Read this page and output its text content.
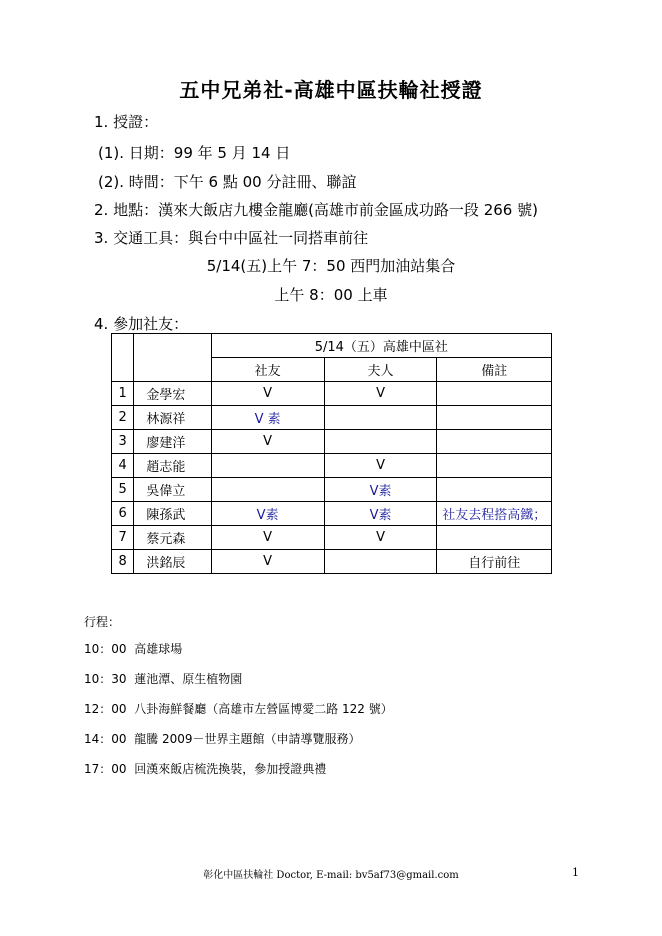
五中兄弟社-高雄中區扶輪社授證
1. 授證：
(1). 日期：99 年 5 月 14 日
(2). 時間：下午 6 點 00 分註冊、聯誼
2. 地點：漢來大飯店九樓金龍廳(高雄市前金區成功路一段 266 號)
3. 交通工具：與台中中區社一同搭車前往
5/14(五)上午 7：50 西門加油站集合
上午 8：00 上車
4. 參加社友：
		5/14（五）高雄中區社		
		社友	夫人	備註
1	金學宏	V	V	
2	林源祥	V 素		
3	廖建洋	V		
4	趙志能		V	
5	吳偉立		V素	
6	陳孫武	V素	V素	社友去程搭高鐵；
7	蔡元森	V	V	
8	洪銘辰	V		自行前往
行程：
10：00 高雄球場
10：30 蓮池潭、原生植物園
12：00 八卦海鮮餐廳（高雄市左營區博愛二路 122 號）
14：00 龍騰 2009－世界主題館（申請導覽服務）
17：00 回漢來飯店梳洗換裝，參加授證典禮
彰化中區扶輪社 Doctor, E-mail: bv5af73@gmail.com	1
